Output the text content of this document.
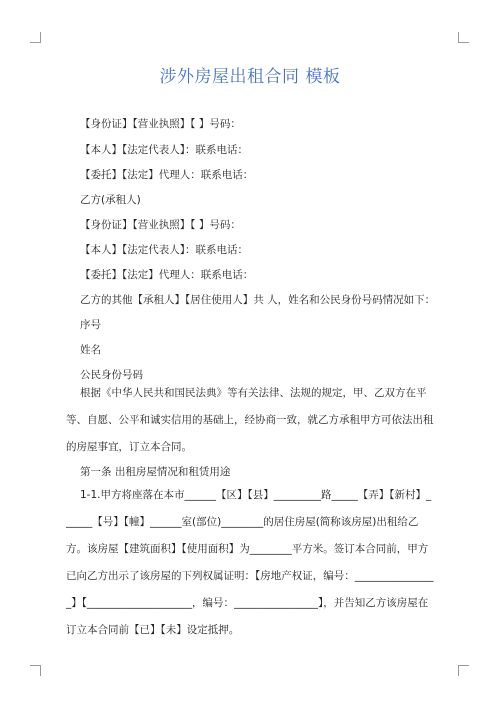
涉外房屋出租合同 模板
【身份证】【营业执照】【 】号码：
【本人】【法定代表人】：联系电话：
【委托】【法定】代理人：联系电话：
乙方(承租人)
【身份证】【营业执照】【 】号码：
【本人】【法定代表人】：联系电话：
【委托】【法定】代理人：联系电话：
乙方的其他【承租人】【居住使用人】共 人，姓名和公民身份号码情况如下：
序号
姓名
公民身份号码
根据《中华人民共和国民法典》等有关法律、法规的规定，甲、乙双方在平等、自愿、公平和诚实信用的基础上，经协商一致，就乙方承租甲方可依法出租的房屋事宜，订立本合同。
第一条 出租房屋情况和租赁用途
1-1.甲方将座落在本市______【区】【县】_________路_____【弄】【新村】______【号】【幢】______室(部位)________的居住房屋(简称该房屋)出租给乙方。该房屋【建筑面积】【使用面积】为________平方米。签订本合同前，甲方已向乙方出示了该房屋的下列权属证明：【房地产权证，编号：________________】【____________________，编号：________________】，并告知乙方该房屋在订立本合同前【已】【未】设定抵押。
